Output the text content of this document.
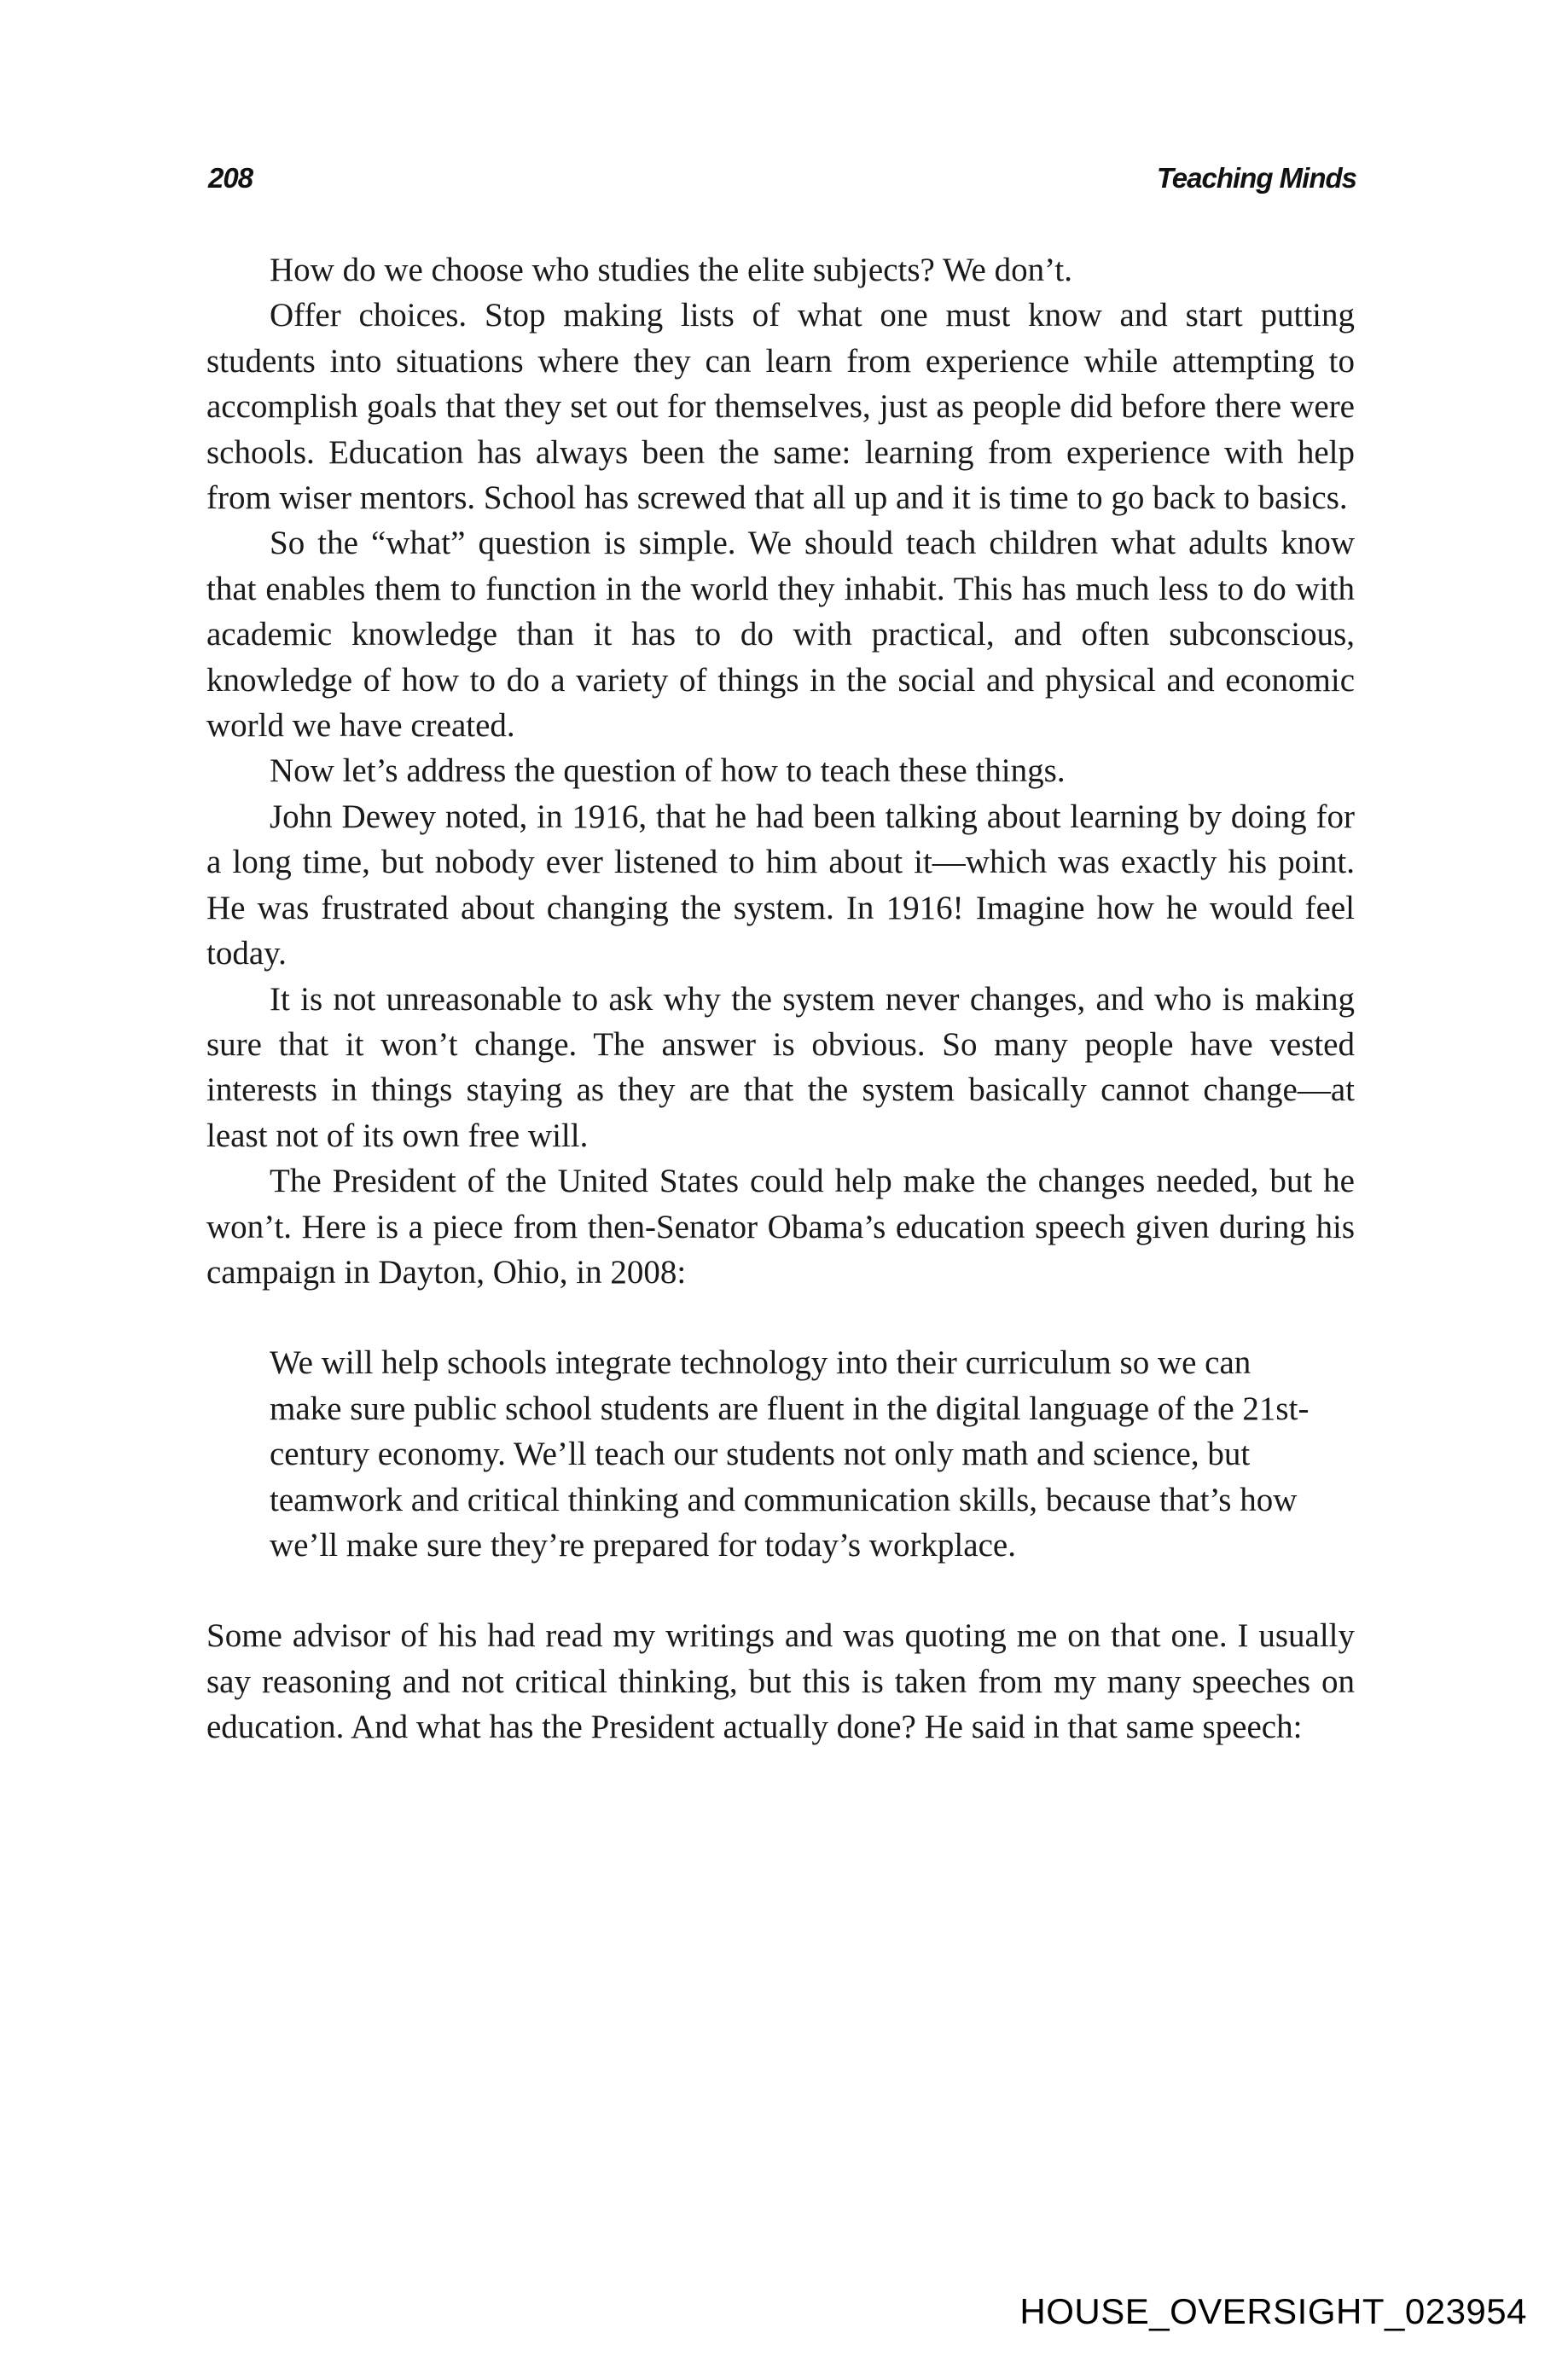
208	Teaching Minds

How do we choose who studies the elite subjects? We don’t.

Offer choices. Stop making lists of what one must know and start putting students into situations where they can learn from experience while attempting to accomplish goals that they set out for themselves, just as people did before there were schools. Education has always been the same: learning from experience with help from wiser mentors. School has screwed that all up and it is time to go back to basics.

So the “what” question is simple. We should teach children what adults know that enables them to function in the world they inhabit. This has much less to do with academic knowledge than it has to do with practical, and often subconscious, knowledge of how to do a variety of things in the social and physical and economic world we have created.

Now let’s address the question of how to teach these things.

John Dewey noted, in 1916, that he had been talking about learning by doing for a long time, but nobody ever listened to him about it—which was exactly his point. He was frustrated about changing the system. In 1916! Imagine how he would feel today.

It is not unreasonable to ask why the system never changes, and who is making sure that it won’t change. The answer is obvious. So many people have vested interests in things staying as they are that the system basically cannot change—at least not of its own free will.

The President of the United States could help make the changes needed, but he won’t. Here is a piece from then-Senator Obama’s education speech given during his campaign in Dayton, Ohio, in 2008:

We will help schools integrate technology into their curriculum so we can make sure public school students are fluent in the digital language of the 21st-century economy. We’ll teach our students not only math and science, but teamwork and critical thinking and communication skills, because that’s how we’ll make sure they’re prepared for today’s workplace.

Some advisor of his had read my writings and was quoting me on that one. I usually say reasoning and not critical thinking, but this is taken from my many speeches on education. And what has the President actually done? He said in that same speech:

HOUSE_OVERSIGHT_023954
